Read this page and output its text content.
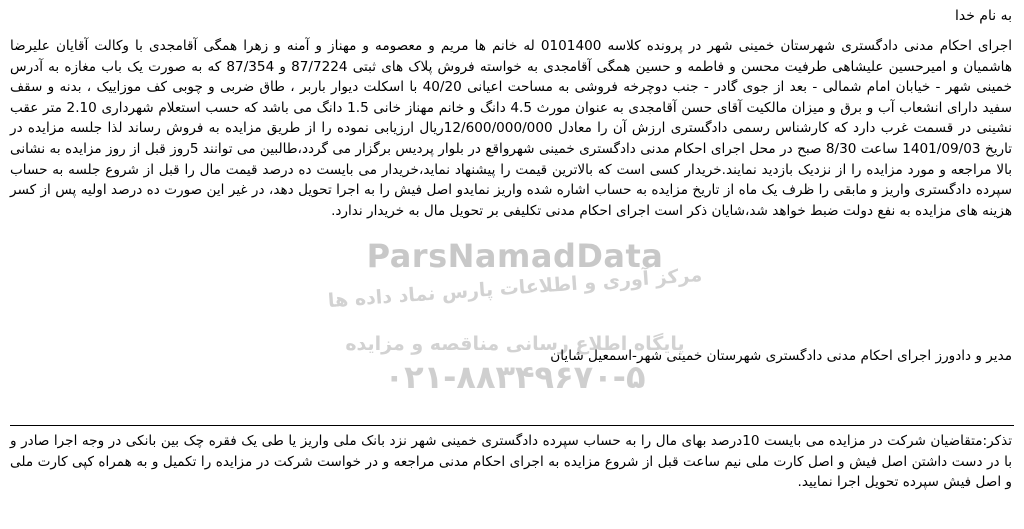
ParsNamadData
مرکز آوری و اطلاعات پارس نماد داده ها
پایگاه اطلاع رسانی مناقصه و مزایده
۰۲۱-۸۸۳۴۹۶۷۰-۵
به نام خدا
اجرای احکام مدنی دادگستری شهرستان خمینی شهر در پرونده کلاسه 0101400 له خانم ها مریم و معصومه و مهناز و آمنه و زهرا همگی آقامجدی با وکالت آقایان علیرضا هاشمیان و امیرحسین علیشاهی طرفیت محسن و فاطمه و حسین همگی آقامجدی به خواسته فروش پلاک های ثبتی 87/7224 و 87/354 که به صورت یک باب مغازه به آدرس خمینی شهر - خیابان امام شمالی - بعد از جوی گادر - جنب دوچرخه فروشی به مساحت اعیانی 40/20 با اسکلت دیوار باربر ، طاق ضربی و چوبی کف موزاییک ، بدنه و سقف سفید دارای انشعاب آب و برق و میزان مالکیت آقای حسن آقامجدی به عنوان مورث 4.5 دانگ و خانم مهناز خانی 1.5 دانگ می باشد که حسب استعلام شهرداری 2.10 متر عقب نشینی در قسمت غرب دارد که کارشناس رسمی دادگستری ارزش آن را معادل 12/600/000/000ریال ارزیابی نموده را از طریق مزایده به فروش رساند لذا جلسه مزایده در تاریخ 1401/09/03 ساعت 8/30 صبح در محل اجرای احکام مدنی دادگستری خمینی شهرواقع در بلوار پردیس برگزار می گردد،طالبین می توانند 5روز قبل از روز مزایده به نشانی بالا مراجعه و مورد مزایده را از نزدیک بازدید نمایند.خریدار کسی است که بالاترین قیمت را پیشنهاد نماید،خریدار می بایست ده درصد قیمت مال را قبل از شروع جلسه به حساب سپرده دادگستری واریز و مابقی را ظرف یک ماه از تاریخ مزایده به حساب اشاره شده واریز نمایدو اصل فیش را به اجرا تحویل دهد، در غیر این صورت ده درصد اولیه پس از کسر هزینه های مزایده به نفع دولت ضبط خواهد شد،شایان ذکر است اجرای احکام مدنی تکلیفی بر تحویل مال به خریدار ندارد.
مدیر و دادورز اجرای احکام مدنی دادگستری شهرستان خمینی شهر-اسمعیل شایان
تذکر:متقاضیان شرکت در مزایده می بایست 10درصد بهای مال را به حساب سپرده دادگستری خمینی شهر نزد بانک ملی واریز یا طی یک فقره چک بین بانکی در وجه اجرا صادر و با در دست داشتن اصل فیش و اصل کارت ملی نیم ساعت قبل از شروع مزایده به اجرای احکام مدنی مراجعه و در خواست شرکت در مزایده را تکمیل و به همراه کپی کارت ملی و اصل فیش سپرده تحویل اجرا نمایید.
